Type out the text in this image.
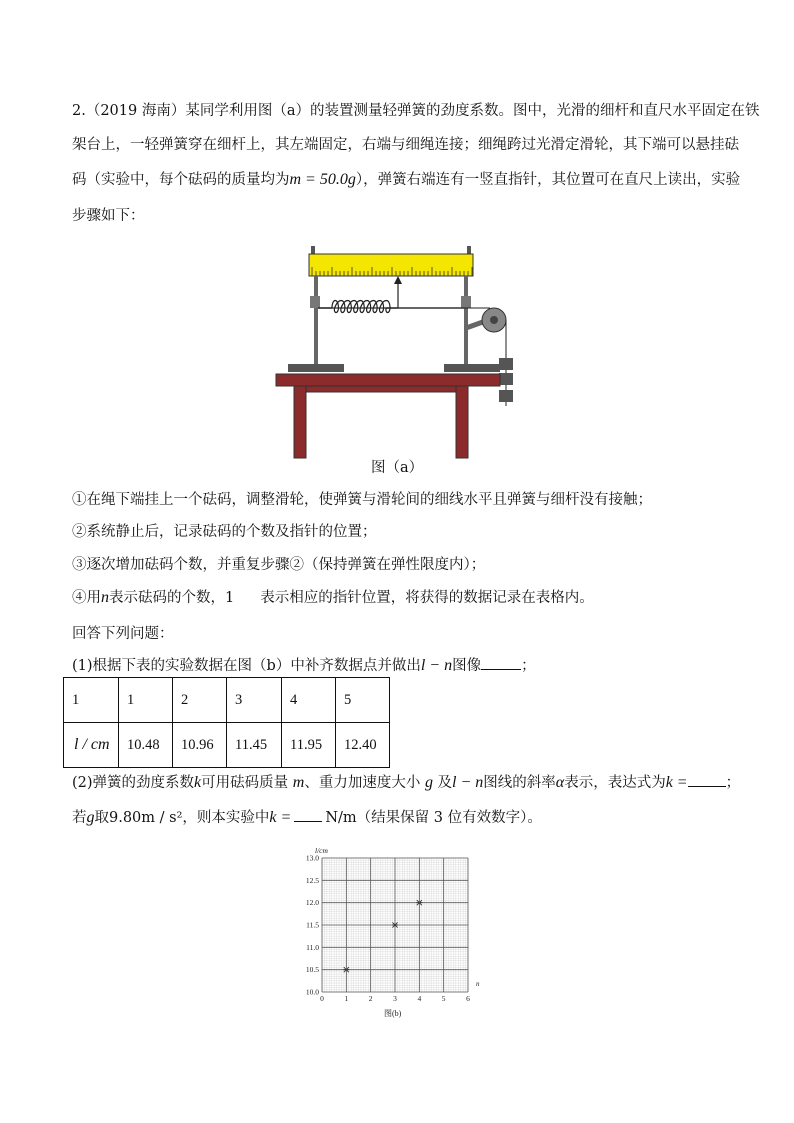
2.（2019 海南）某同学利用图（a）的装置测量轻弹簧的劲度系数。图中，光滑的细杆和直尺水平固定在铁
架台上，一轻弹簧穿在细杆上，其左端固定，右端与细绳连接；细绳跨过光滑定滑轮，其下端可以悬挂砝
码（实验中，每个砝码的质量均为m = 50.0g），弹簧右端连有一竖直指针，其位置可在直尺上读出，实验
步骤如下：
图（a）
①在绳下端挂上一个砝码，调整滑轮，使弹簧与滑轮间的细线水平且弹簧与细杆没有接触；
②系统静止后，记录砝码的个数及指针的位置；
③逐次增加砝码个数，并重复步骤②（保持弹簧在弹性限度内）；
④用n表示砝码的个数，1 表示相应的指针位置，将获得的数据记录在表格内。
回答下列问题：
(1)根据下表的实验数据在图（b）中补齐数据点并做出l − n图像	；
1	1	2	3	4	5
l / cm	10.48	10.96	11.45	11.95	12.40
(2)弹簧的劲度系数k可用砝码质量 m、重力加速度大小 g 及l − n图线的斜率α表示，表达式为k =	；
若g取9.80m / s²，则本实验中k = N/m（结果保留 3 位有效数字）。
10.0
10.5
11.0
11.5
12.0
12.5
13.0
0	1	2	3	4	5	6
l/cm
n
图(b)
